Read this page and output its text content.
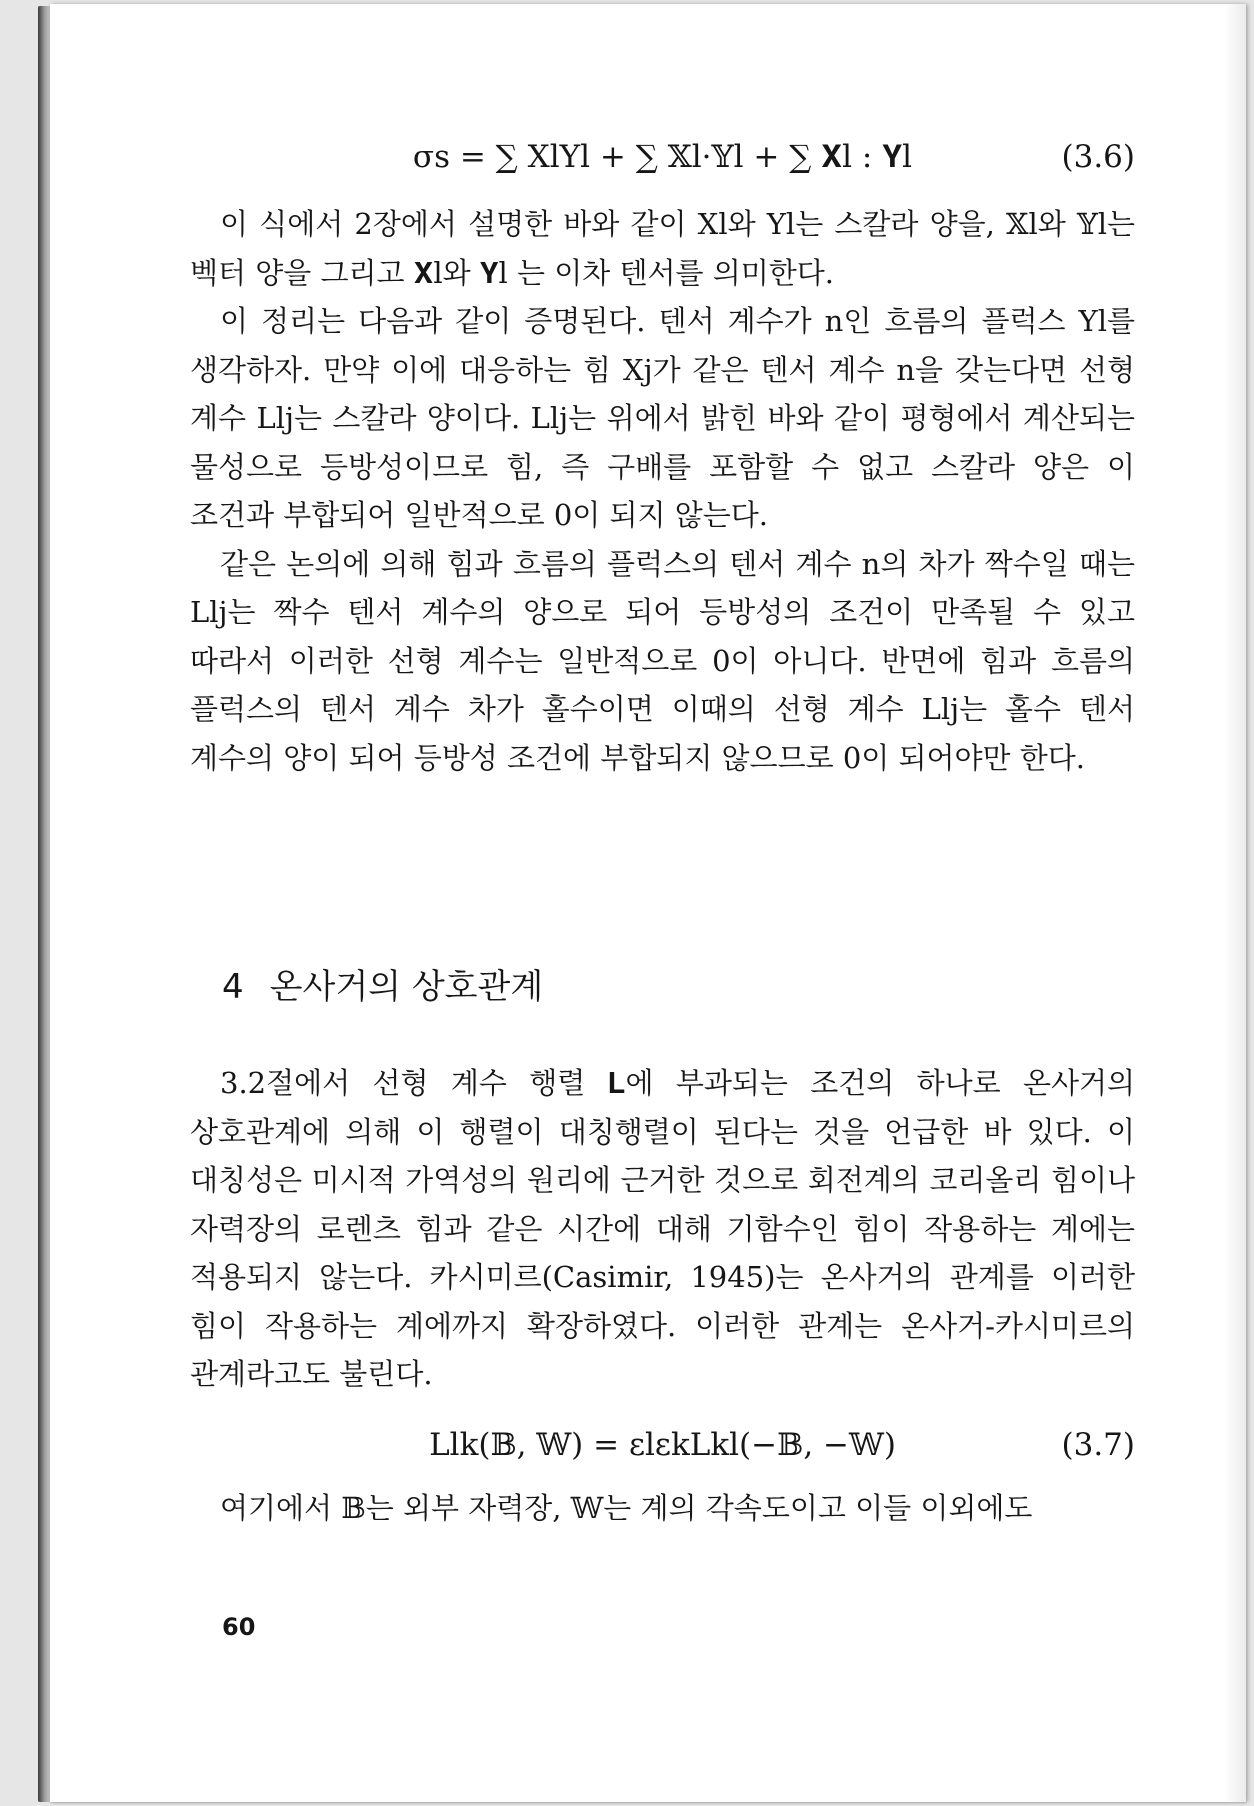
σs = ∑ XlYl + ∑ 𝕏l·𝕐l + ∑ 𝐗l : 𝐘l	(3.6)

이 식에서 2장에서 설명한 바와 같이 Xl와 Yl는 스칼라 양을, 𝕏l와 𝕐l는 벡터 양을 그리고 𝐗l와 𝐘l 는 이차 텐서를 의미한다.

이 정리는 다음과 같이 증명된다. 텐서 계수가 n인 흐름의 플럭스 Yl를 생각하자. 만약 이에 대응하는 힘 Xj가 같은 텐서 계수 n을 갖는다면 선형 계수 Llj는 스칼라 양이다. Llj는 위에서 밝힌 바와 같이 평형에서 계산되는 물성으로 등방성이므로 힘, 즉 구배를 포함할 수 없고 스칼라 양은 이 조건과 부합되어 일반적으로 0이 되지 않는다.

같은 논의에 의해 힘과 흐름의 플럭스의 텐서 계수 n의 차가 짝수일 때는 Llj는 짝수 텐서 계수의 양으로 되어 등방성의 조건이 만족될 수 있고 따라서 이러한 선형 계수는 일반적으로 0이 아니다. 반면에 힘과 흐름의 플럭스의 텐서 계수 차가 홀수이면 이때의 선형 계수 Llj는 홀수 텐서 계수의 양이 되어 등방성 조건에 부합되지 않으므로 0이 되어야만 한다.

4 온사거의 상호관계

3.2절에서 선형 계수 행렬 𝐋에 부과되는 조건의 하나로 온사거의 상호관계에 의해 이 행렬이 대칭행렬이 된다는 것을 언급한 바 있다. 이 대칭성은 미시적 가역성의 원리에 근거한 것으로 회전계의 코리올리 힘이나 자력장의 로렌츠 힘과 같은 시간에 대해 기함수인 힘이 작용하는 계에는 적용되지 않는다. 카시미르(Casimir, 1945)는 온사거의 관계를 이러한 힘이 작용하는 계에까지 확장하였다. 이러한 관계는 온사거-카시미르의 관계라고도 불린다.

Llk(𝔹, 𝕎) = εlεkLkl(−𝔹, −𝕎)	(3.7)

여기에서 𝔹는 외부 자력장, 𝕎는 계의 각속도이고 이들 이외에도

60
